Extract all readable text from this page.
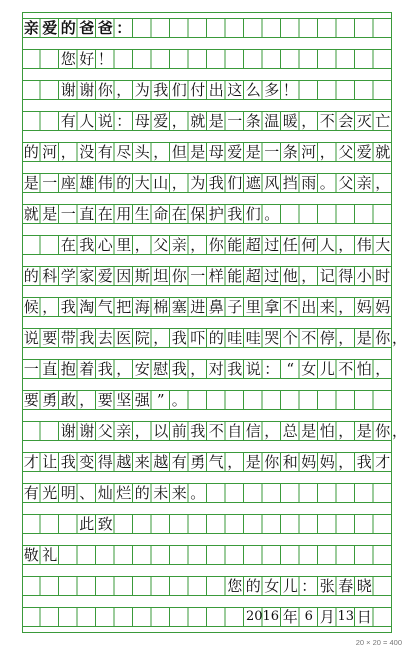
亲 爱 的 爸 爸 ：
您 好 ！
谢 谢 你 ， 为 我 们 付 出 这 么 多 ！
有 人 说 ： 母 爱 ， 就 是 一 条 温 暖 ， 不 会 灭 亡
的 河 ， 没 有 尽 头 ， 但 是 母 爱 是 一 条 河 ， 父 爱 就
是 一 座 雄 伟 的 大 山 ， 为 我 们 遮 风 挡 雨 。 父 亲 ，
就 是 一 直 在 用 生 命 在 保 护 我 们 。
在 我 心 里 ， 父 亲 ， 你 能 超 过 任 何 人 ， 伟 大
的 科 学 家 爱 因 斯 坦 你 一 样 能 超 过 他 ， 记 得 小 时
候 ， 我 淘 气 把 海 棉 塞 进 鼻 子 里 拿 不 出 来 ， 妈 妈
说 要 带 我 去 医 院 ， 我 吓 的 哇 哇 哭 个 不 停 ， 是 你 ，
一 直 抱 着 我 ， 安 慰 我 ， 对 我 说 ： “ 女 儿 不 怕 ，
要 勇 敢 ， 要 坚 强 ” 。
谢 谢 父 亲 ， 以 前 我 不 自 信 ， 总 是 怕 ， 是 你 ，
才 让 我 变 得 越 来 越 有 勇 气 ， 是 你 和 妈 妈 ， 我 才
有 光 明 、 灿 烂 的 未 来 。
此 致
敬 礼
您 的 女 儿 ： 张 春 晓
2016 年 6 月 13 日
20 × 20 = 400
